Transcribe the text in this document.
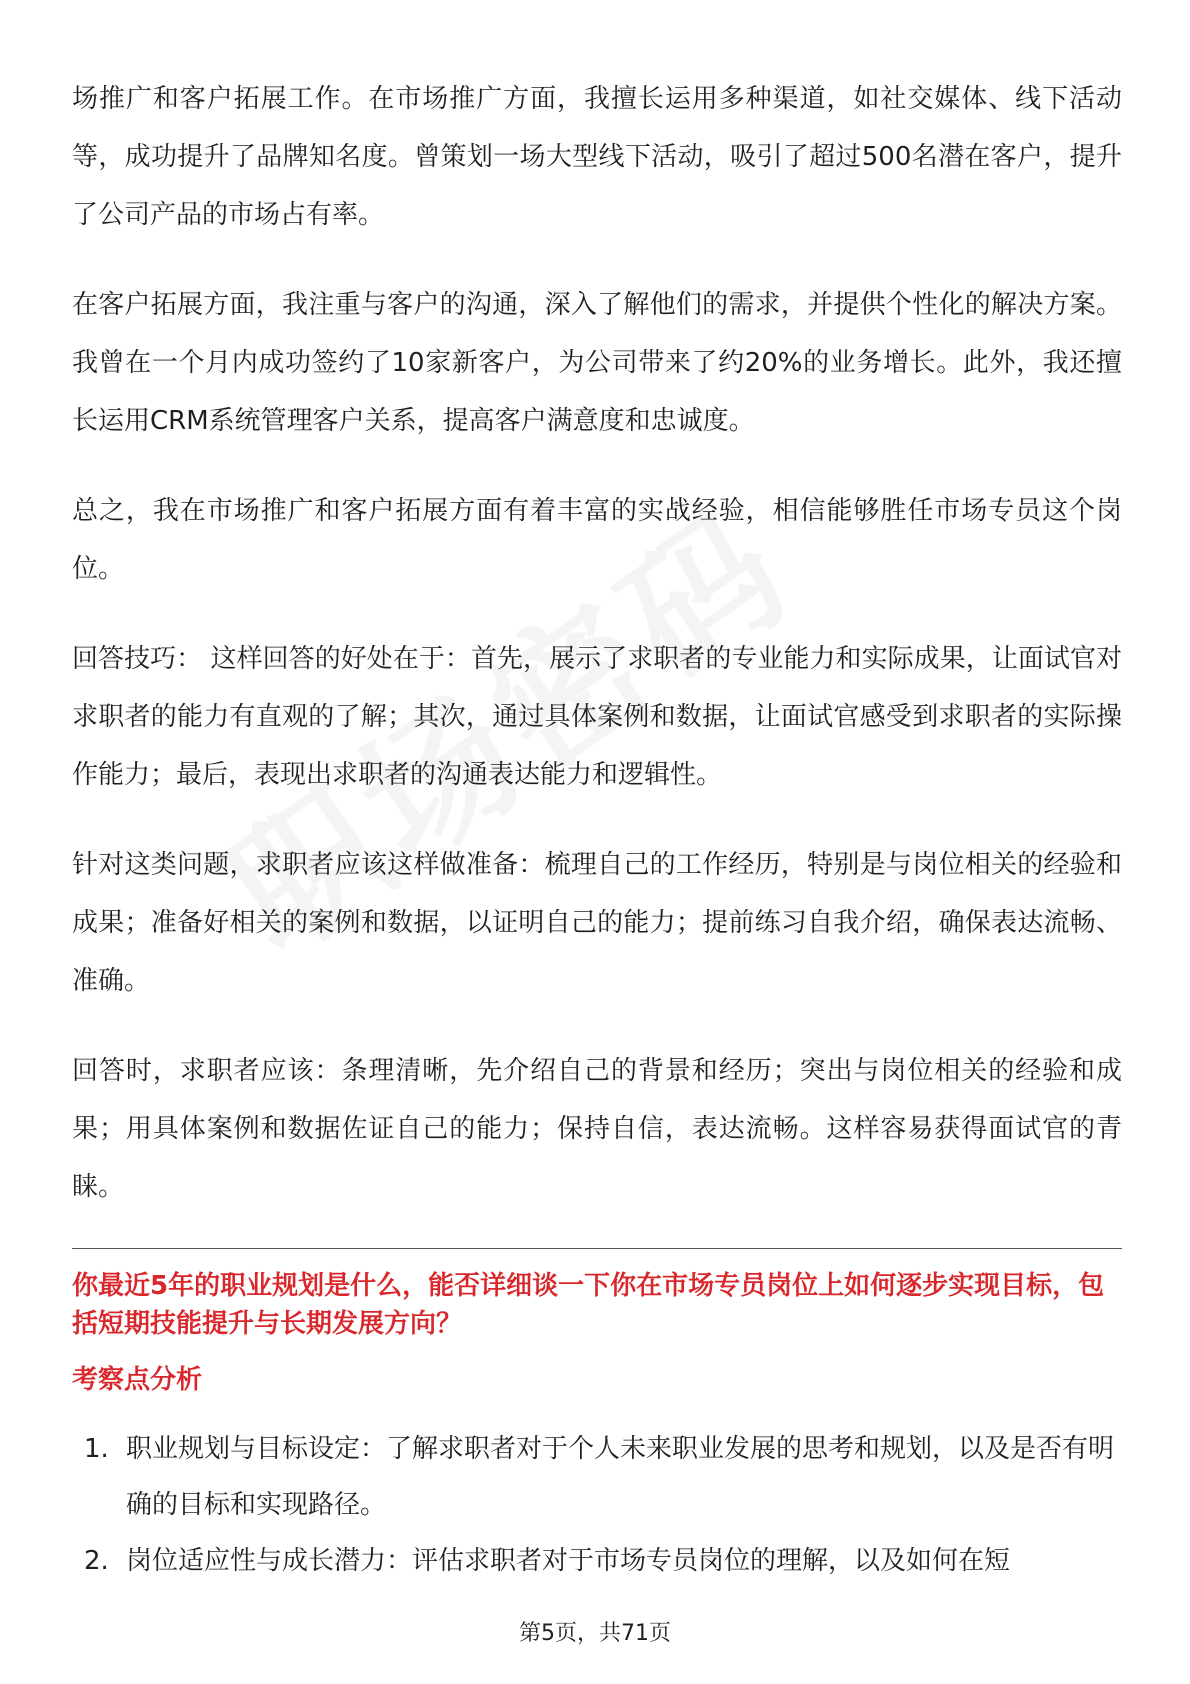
场推广和客户拓展工作。在市场推广方面，我擅长运用多种渠道，如社交媒体、线下活动等，成功提升了品牌知名度。曾策划一场大型线下活动，吸引了超过500名潜在客户，提升了公司产品的市场占有率。

在客户拓展方面，我注重与客户的沟通，深入了解他们的需求，并提供个性化的解决方案。我曾在一个月内成功签约了10家新客户，为公司带来了约20%的业务增长。此外，我还擅长运用CRM系统管理客户关系，提高客户满意度和忠诚度。

总之，我在市场推广和客户拓展方面有着丰富的实战经验，相信能够胜任市场专员这个岗位。

回答技巧： 这样回答的好处在于：首先，展示了求职者的专业能力和实际成果，让面试官对求职者的能力有直观的了解；其次，通过具体案例和数据，让面试官感受到求职者的实际操作能力；最后，表现出求职者的沟通表达能力和逻辑性。

针对这类问题，求职者应该这样做准备：梳理自己的工作经历，特别是与岗位相关的经验和成果；准备好相关的案例和数据，以证明自己的能力；提前练习自我介绍，确保表达流畅、准确。

回答时，求职者应该：条理清晰，先介绍自己的背景和经历；突出与岗位相关的经验和成果；用具体案例和数据佐证自己的能力；保持自信，表达流畅。这样容易获得面试官的青睐。

你最近5年的职业规划是什么，能否详细谈一下你在市场专员岗位上如何逐步实现目标，包括短期技能提升与长期发展方向？
考察点分析
1. 职业规划与目标设定：了解求职者对于个人未来职业发展的思考和规划，以及是否有明确的目标和实现路径。
2. 岗位适应性与成长潜力：评估求职者对于市场专员岗位的理解，以及如何在短
第5页，共71页
